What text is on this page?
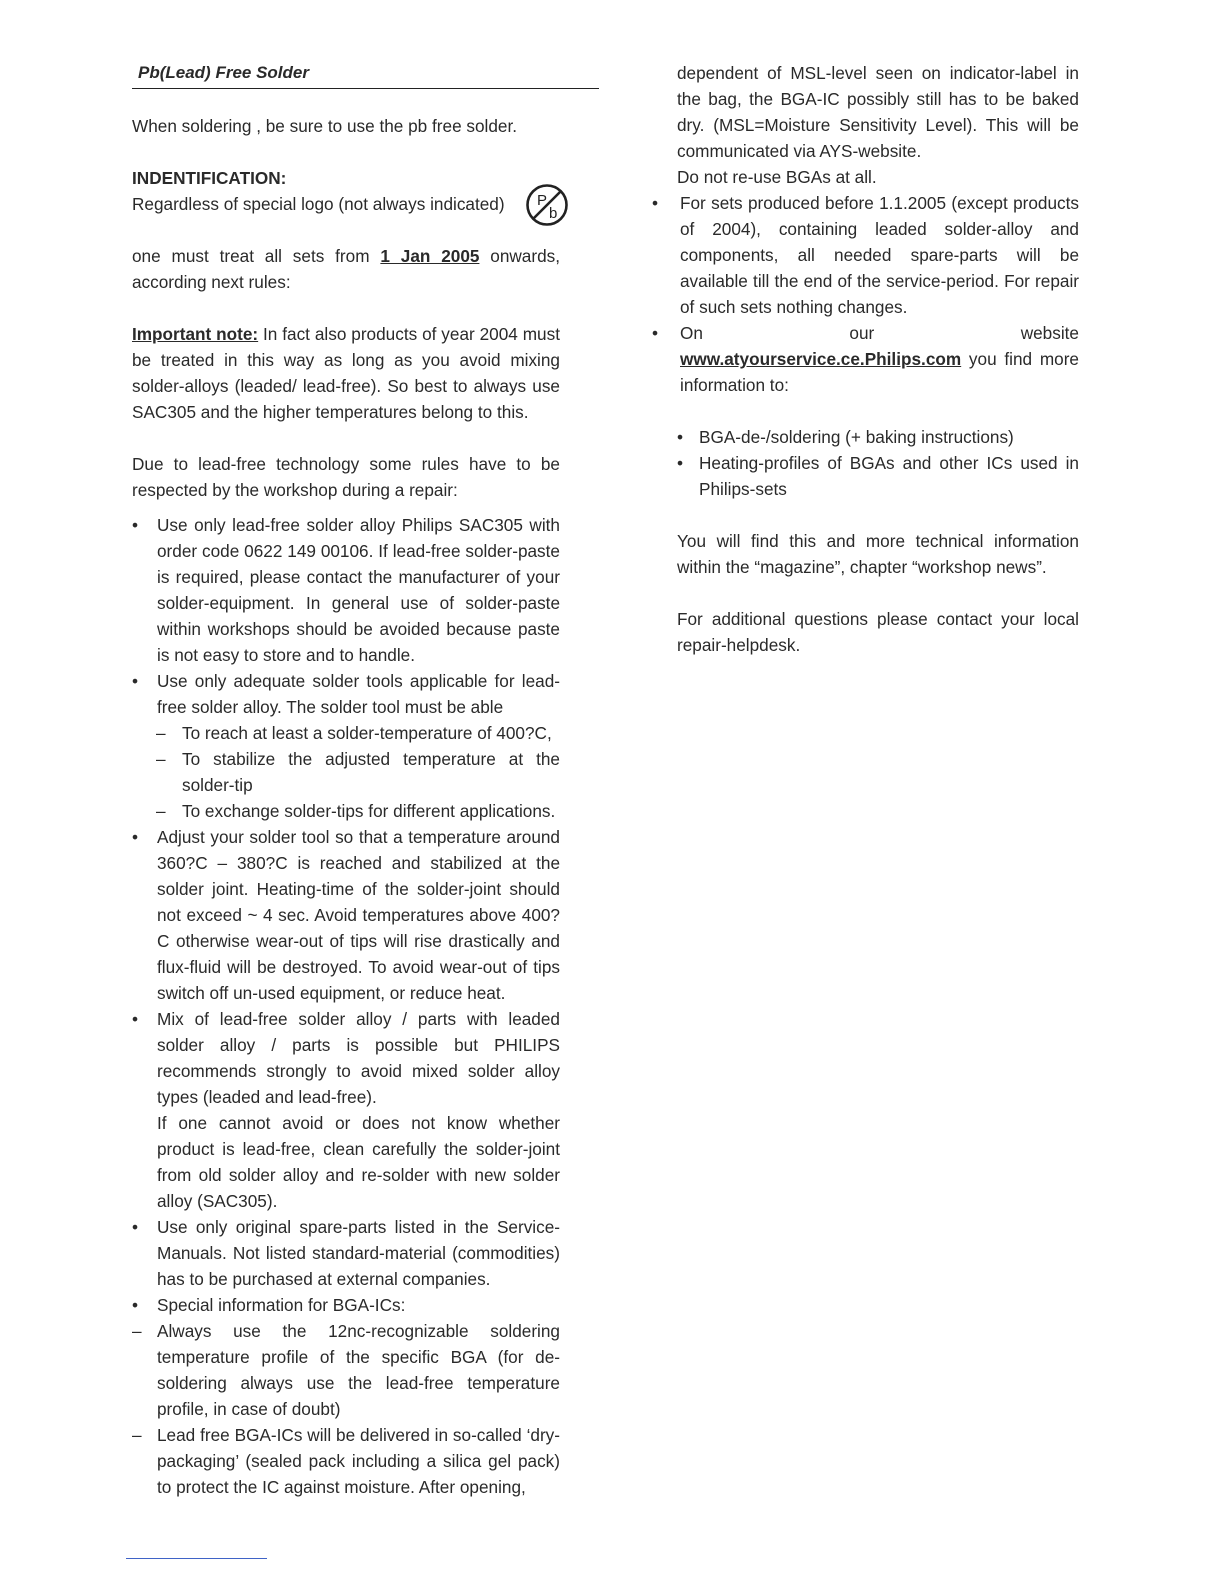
Pb(Lead) Free Solder

When soldering , be sure to use the pb free solder.

INDENTIFICATION:

Regardless of special logo (not always indicated)	P
b

one must treat all sets from 1 Jan 2005 onwards, according next rules:

Important note: In fact also products of year 2004 must be treated in this way as long as you avoid mixing solder-alloys (leaded/ lead-free). So best to always use SAC305 and the higher temperatures belong to this.

Due to lead-free technology some rules have to be respected by the workshop during a repair:

•	Use only lead-free solder alloy Philips SAC305 with order code 0622 149 00106. If lead-free solder-paste is required, please contact the manufacturer of your solder-equipment. In general use of solder-paste within workshops should be avoided because paste is not easy to store and to handle.
•	Use only adequate solder tools applicable for lead-free solder alloy. The solder tool must be able
– To reach at least a solder-temperature of 400?C,
– To stabilize the adjusted temperature at the solder-tip
– To exchange solder-tips for different applications.
•	Adjust your solder tool so that a temperature around 360?C – 380?C is reached and stabilized at the solder joint. Heating-time of the solder-joint should not exceed ~ 4 sec. Avoid temperatures above 400?C otherwise wear-out of tips will rise drastically and flux-fluid will be destroyed. To avoid wear-out of tips switch off un-used equipment, or reduce heat.
•	Mix of lead-free solder alloy / parts with leaded solder alloy / parts is possible but PHILIPS recommends strongly to avoid mixed solder alloy types (leaded and lead-free).
If one cannot avoid or does not know whether product is lead-free, clean carefully the solder-joint from old solder alloy and re-solder with new solder alloy (SAC305).
•	Use only original spare-parts listed in the Service-Manuals. Not listed standard-material (commodities) has to be purchased at external companies.
•	Special information for BGA-ICs:
– Always use the 12nc-recognizable soldering temperature profile of the specific BGA (for de-soldering always use the lead-free temperature profile, in case of doubt)
– Lead free BGA-ICs will be delivered in so-called ‘dry-packaging’ (sealed pack including a silica gel pack) to protect the IC against moisture. After opening,

dependent of MSL-level seen on indicator-label in the bag, the BGA-IC possibly still has to be baked dry. (MSL=Moisture Sensitivity Level). This will be communicated via AYS-website.

Do not re-use BGAs at all.

• For sets produced before 1.1.2005 (except products of 2004), containing leaded solder-alloy and components, all needed spare-parts will be available till the end of the service-period. For repair of such sets nothing changes.
• On our website www.atyourservice.ce.Philips.com you find more information to:
• BGA-de-/soldering (+ baking instructions)
• Heating-profiles of BGAs and other ICs used in Philips-sets

You will find this and more technical information within the “magazine”, chapter “workshop news”.

For additional questions please contact your local repair-helpdesk.
